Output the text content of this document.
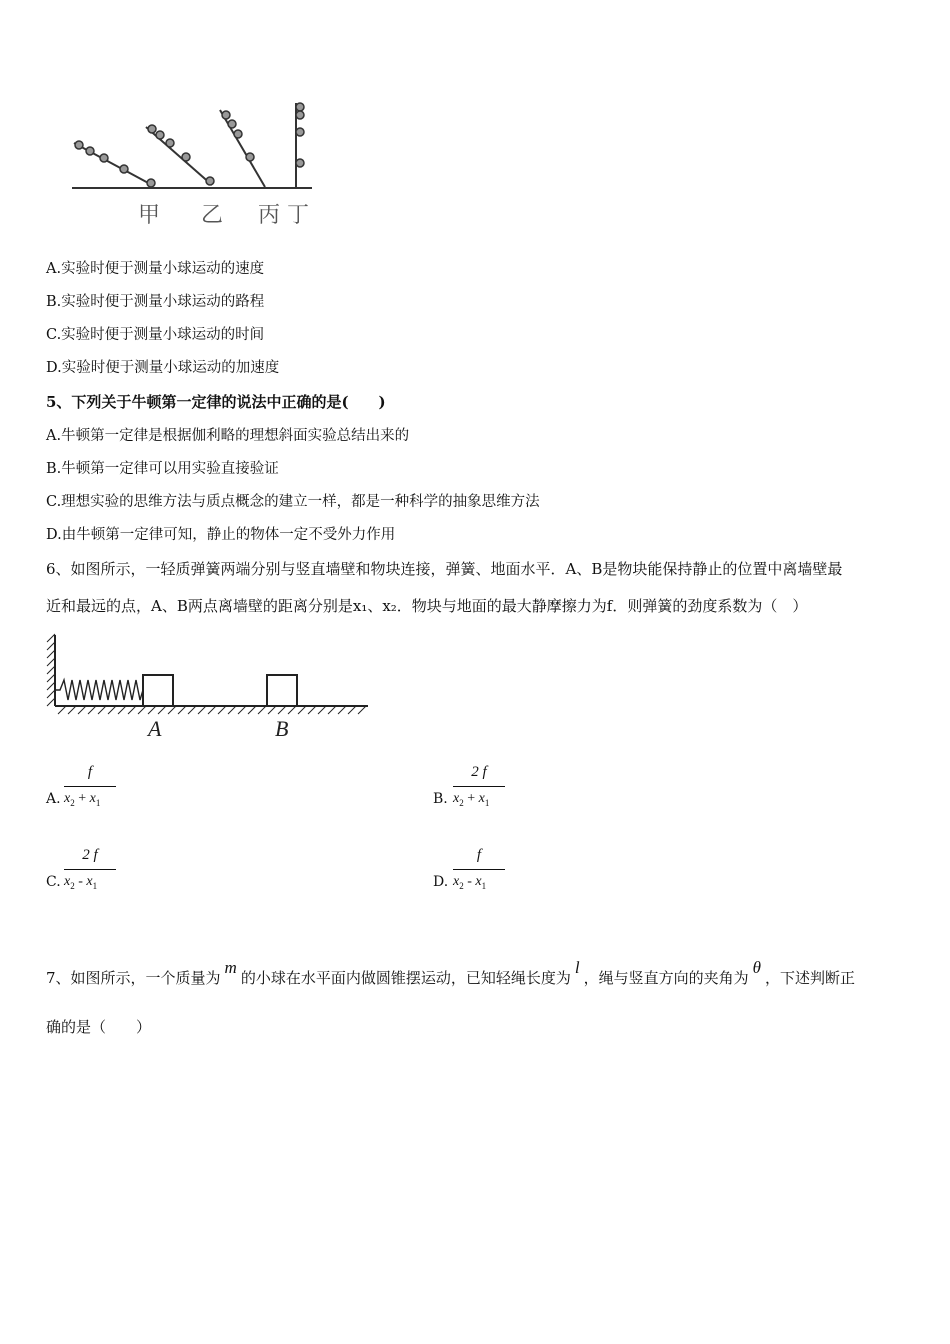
甲 乙 丙 丁
A.实验时便于测量小球运动的速度
B.实验时便于测量小球运动的路程
C.实验时便于测量小球运动的时间
D.实验时便于测量小球运动的加速度
5、下列关于牛顿第一定律的说法中正确的是(　　)
A.牛顿第一定律是根据伽利略的理想斜面实验总结出来的
B.牛顿第一定律可以用实验直接验证
C.理想实验的思维方法与质点概念的建立一样，都是一种科学的抽象思维方法
D.由牛顿第一定律可知，静止的物体一定不受外力作用
6、如图所示，一轻质弹簧两端分别与竖直墙壁和物块连接，弹簧、地面水平．A、B是物块能保持静止的位置中离墙壁最
近和最远的点，A、B两点离墙壁的距离分别是x₁、x₂．物块与地面的最大静摩擦力为f．则弹簧的劲度系数为（　）
A	B
A.
f
$x_2 + x_1$	B.
2 f
$x_2 + x_1$
C.
2 f
$x_2 - x_1$	D.
f
$x_2 - x_1$
7、如图所示，一个质量为m的小球在水平面内做圆锥摆运动，已知轻绳长度为l，绳与竖直方向的夹角为θ，下述判断正
确的是（　　）
